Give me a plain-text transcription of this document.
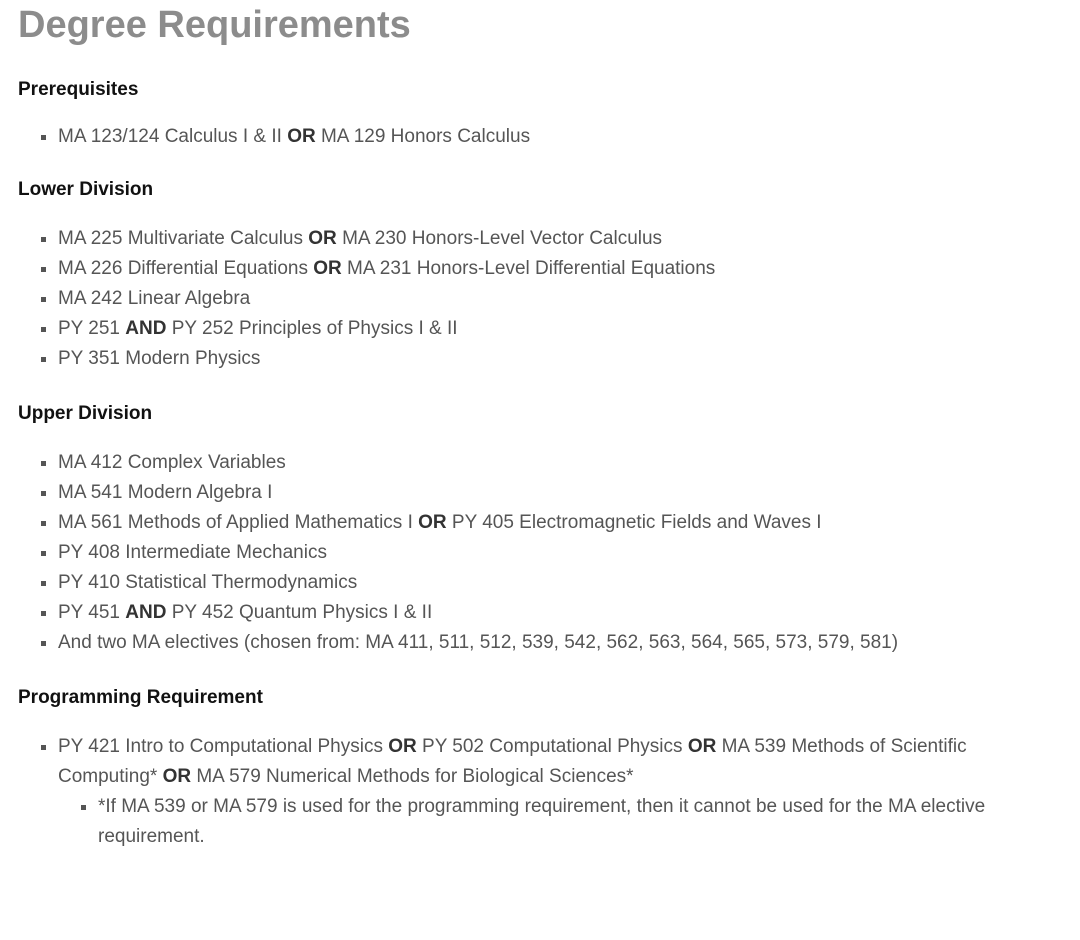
Degree Requirements
Prerequisites
MA 123/124 Calculus I & II OR MA 129 Honors Calculus
Lower Division
MA 225 Multivariate Calculus OR MA 230 Honors-Level Vector Calculus
MA 226 Differential Equations OR MA 231 Honors-Level Differential Equations
MA 242 Linear Algebra
PY 251 AND PY 252 Principles of Physics I & II
PY 351 Modern Physics
Upper Division
MA 412 Complex Variables
MA 541 Modern Algebra I
MA 561 Methods of Applied Mathematics I OR PY 405 Electromagnetic Fields and Waves I
PY 408 Intermediate Mechanics
PY 410 Statistical Thermodynamics
PY 451 AND PY 452 Quantum Physics I & II
And two MA electives (chosen from: MA 411, 511, 512, 539, 542, 562, 563, 564, 565, 573, 579, 581)
Programming Requirement
PY 421 Intro to Computational Physics OR PY 502 Computational Physics OR MA 539 Methods of Scientific Computing* OR MA 579 Numerical Methods for Biological Sciences*
*If MA 539 or MA 579 is used for the programming requirement, then it cannot be used for the MA elective requirement.
